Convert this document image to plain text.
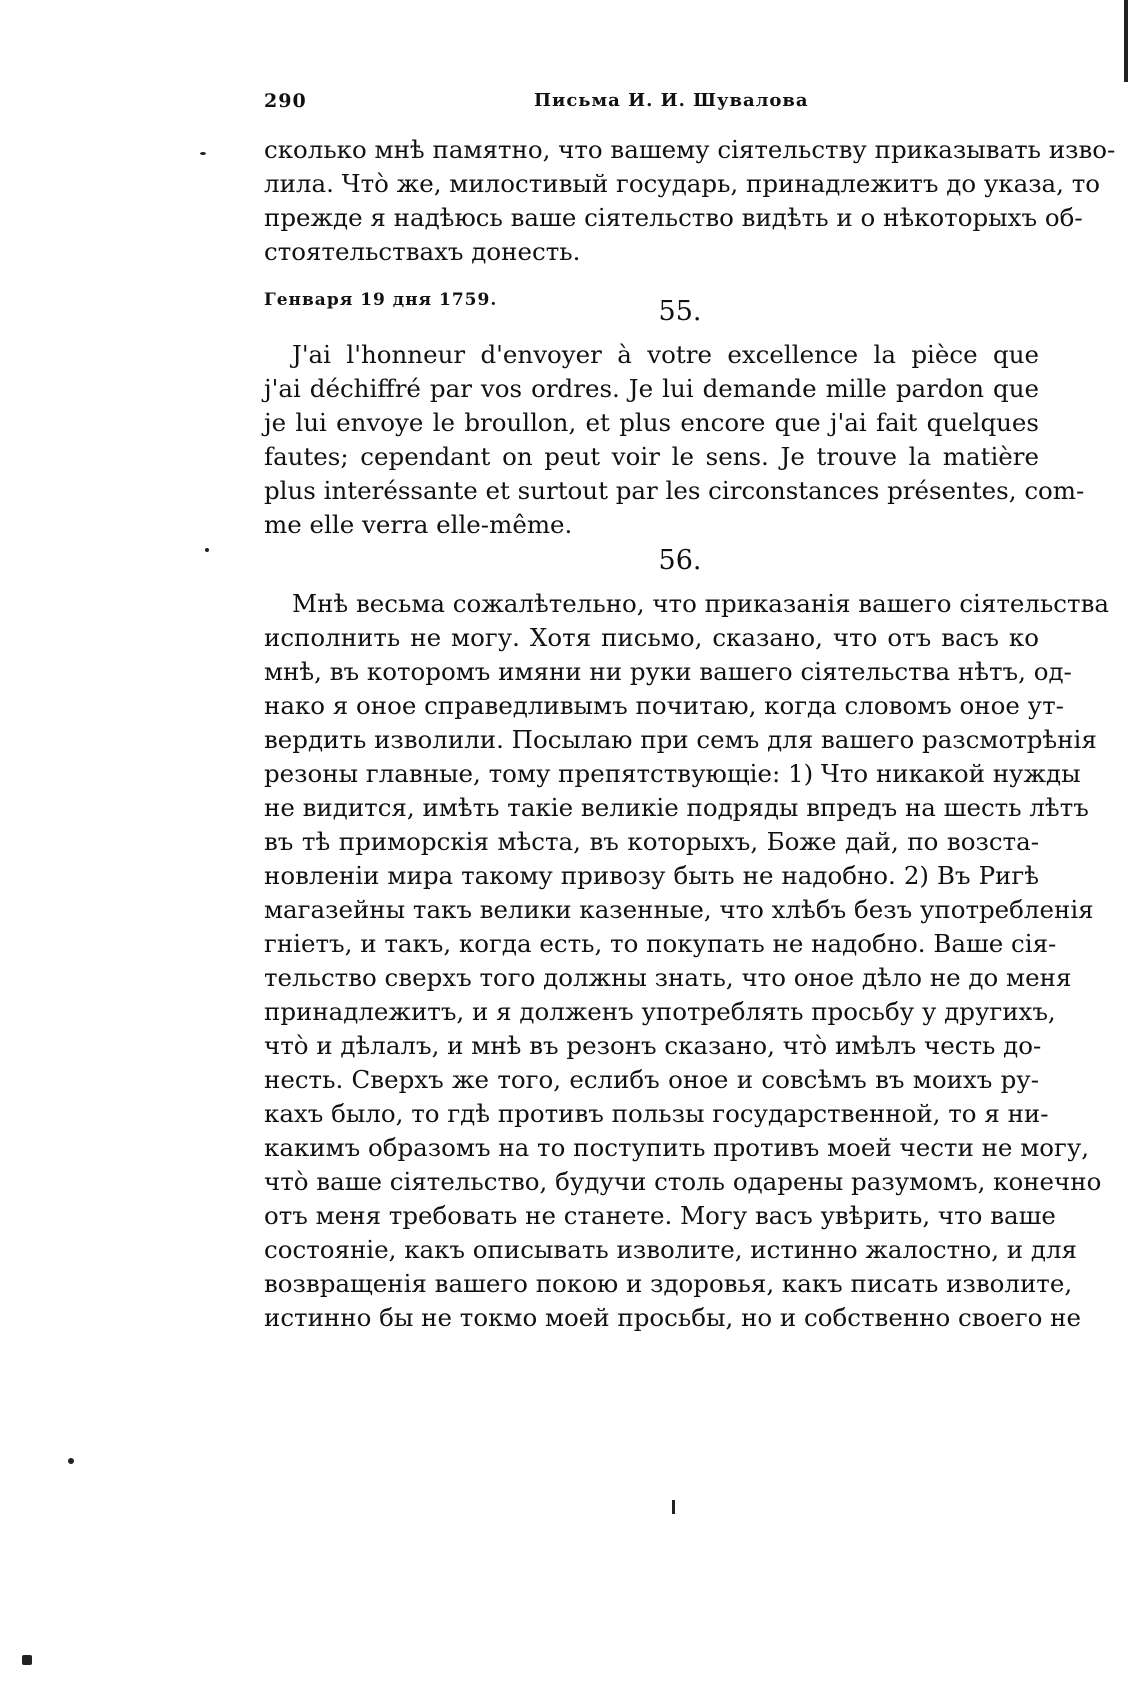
290	Письма И. И. Шувалова
сколько мнѣ памятно, что вашему сіятельству приказывать изво-
лила. Чтò же, милостивый государь, принадлежитъ до указа, то
прежде я надѣюсь ваше сіятельство видѣть и о нѣкоторыхъ об-
стоятельствахъ донесть.
Генваря 19 дня 1759.	55.
J'ai l'honneur d'envoyer à votre excellence la pièce que
j'ai déchiffré par vos ordres. Je lui demande mille pardon que
je lui envoye le broullon, et plus encore que j'ai fait quelques
fautes; cependant on peut voir le sens. Je trouve la matière
plus interéssante et surtout par les circonstances présentes, com-
me elle verra elle-même.
56.
Мнѣ весьма сожалѣтельно, что приказанія вашего сіятельства
исполнить не могу. Хотя письмо, сказано, что отъ васъ ко
мнѣ, въ которомъ имяни ни руки вашего сіятельства нѣтъ, од-
нако я оное справедливымъ почитаю, когда словомъ оное ут-
вердить изволили. Посылаю при семъ для вашего разсмотрѣнія
резоны главные, тому препятствующіе: 1) Что никакой нужды
не видится, имѣть такіе великіе подряды впредъ на шесть лѣтъ
въ тѣ приморскія мѣста, въ которыхъ, Боже дай, по возста-
новленіи мира такому привозу быть не надобно. 2) Въ Ригѣ
магазейны такъ велики казенные, что хлѣбъ безъ употребленія
гніетъ, и такъ, когда есть, то покупать не надобно. Ваше сія-
тельство сверхъ того должны знать, что оное дѣло не до меня
принадлежитъ, и я долженъ употреблять просьбу у другихъ,
чтò и дѣлалъ, и мнѣ въ резонъ сказано, чтò имѣлъ честь до-
несть. Сверхъ же того, еслибъ оное и совсѣмъ въ моихъ ру-
кахъ было, то гдѣ противъ пользы государственной, то я ни-
какимъ образомъ на то поступить противъ моей чести не могу,
чтò ваше сіятельство, будучи столь одарены разумомъ, конечно
отъ меня требовать не станете. Могу васъ увѣрить, что ваше
состояніе, какъ описывать изволите, истинно жалостно, и для
возвращенія вашего покою и здоровья, какъ писать изволите,
истинно бы не токмо моей просьбы, но и собственно своего не
